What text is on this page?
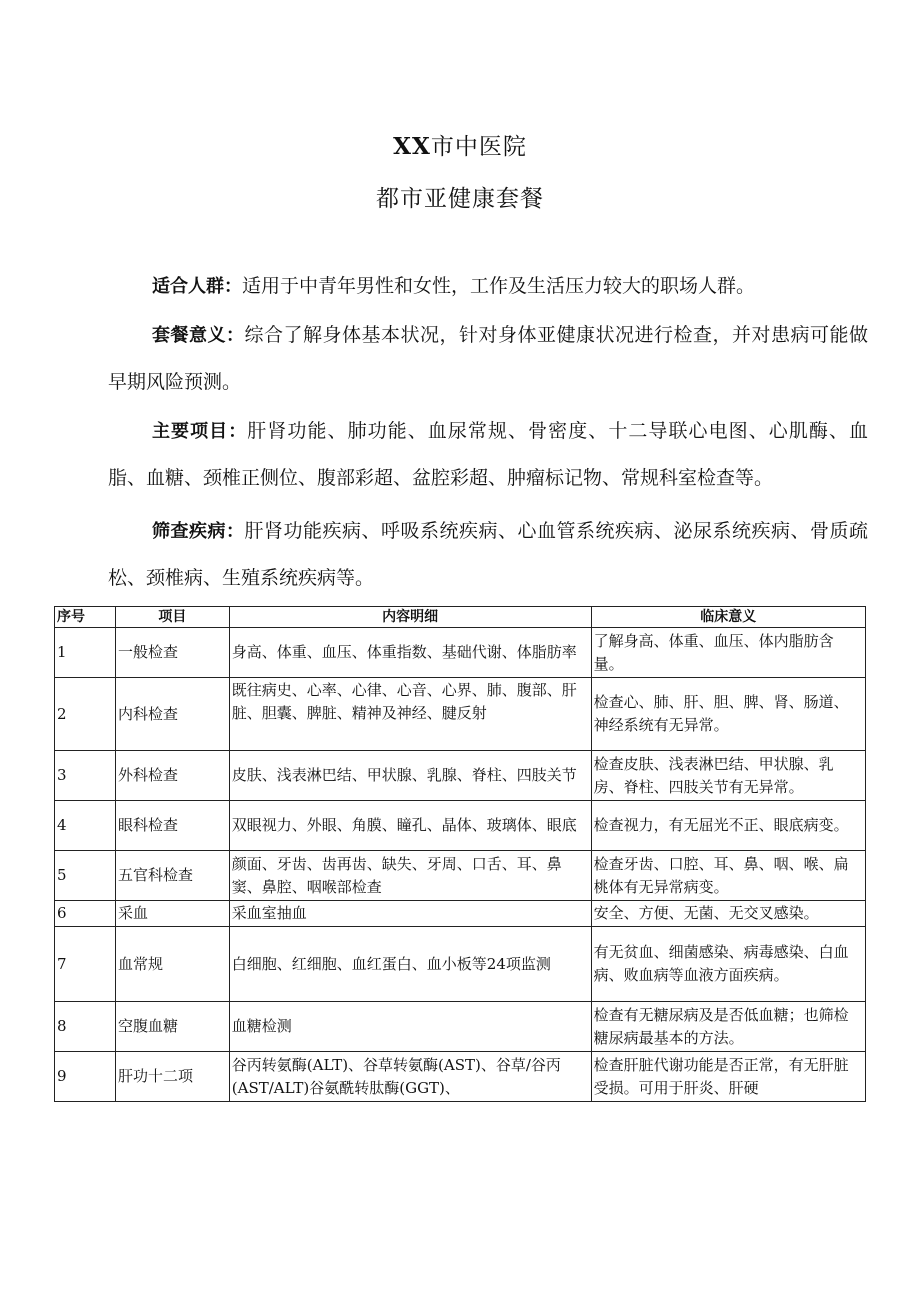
XX市中医院
都市亚健康套餐

适合人群：适用于中青年男性和女性，工作及生活压力较大的职场人群。

套餐意义：综合了解身体基本状况，针对身体亚健康状况进行检查，并对患病可能做早期风险预测。

主要项目：肝肾功能、肺功能、血尿常规、骨密度、十二导联心电图、心肌酶、血脂、血糖、颈椎正侧位、腹部彩超、盆腔彩超、肿瘤标记物、常规科室检查等。

筛查疾病：肝肾功能疾病、呼吸系统疾病、心血管系统疾病、泌尿系统疾病、骨质疏松、颈椎病、生殖系统疾病等。

序号	项目	内容明细	临床意义
1	一般检查	身高、体重、血压、体重指数、基础代谢、体脂肪率	了解身高、体重、血压、体内脂肪含量。
2	内科检查	既往病史、心率、心律、心音、心界、肺、腹部、肝脏、胆囊、脾脏、精神及神经、腱反射	检查心、肺、肝、胆、脾、肾、肠道、神经系统有无异常。
3	外科检查	皮肤、浅表淋巴结、甲状腺、乳腺、脊柱、四肢关节	检查皮肤、浅表淋巴结、甲状腺、乳房、脊柱、四肢关节有无异常。
4	眼科检查	双眼视力、外眼、角膜、瞳孔、晶体、玻璃体、眼底	检查视力，有无屈光不正、眼底病变。
5	五官科检查	颜面、牙齿、齿再齿、缺失、牙周、口舌、耳、鼻窦、鼻腔、咽喉部检查	检查牙齿、口腔、耳、鼻、咽、喉、扁桃体有无异常病变。
6	采血	采血室抽血	安全、方便、无菌、无交叉感染。
7	血常规	白细胞、红细胞、血红蛋白、血小板等24项监测	有无贫血、细菌感染、病毒感染、白血病、败血病等血液方面疾病。
8	空腹血糖	血糖检测	检查有无糖尿病及是否低血糖；也筛检糖尿病最基本的方法。
9	肝功十二项	谷丙转氨酶(ALT)、谷草转氨酶(AST)、谷草/谷丙(AST/ALT)谷氨酰转肽酶(GGT)、	检查肝脏代谢功能是否正常，有无肝脏受损。可用于肝炎、肝硬
